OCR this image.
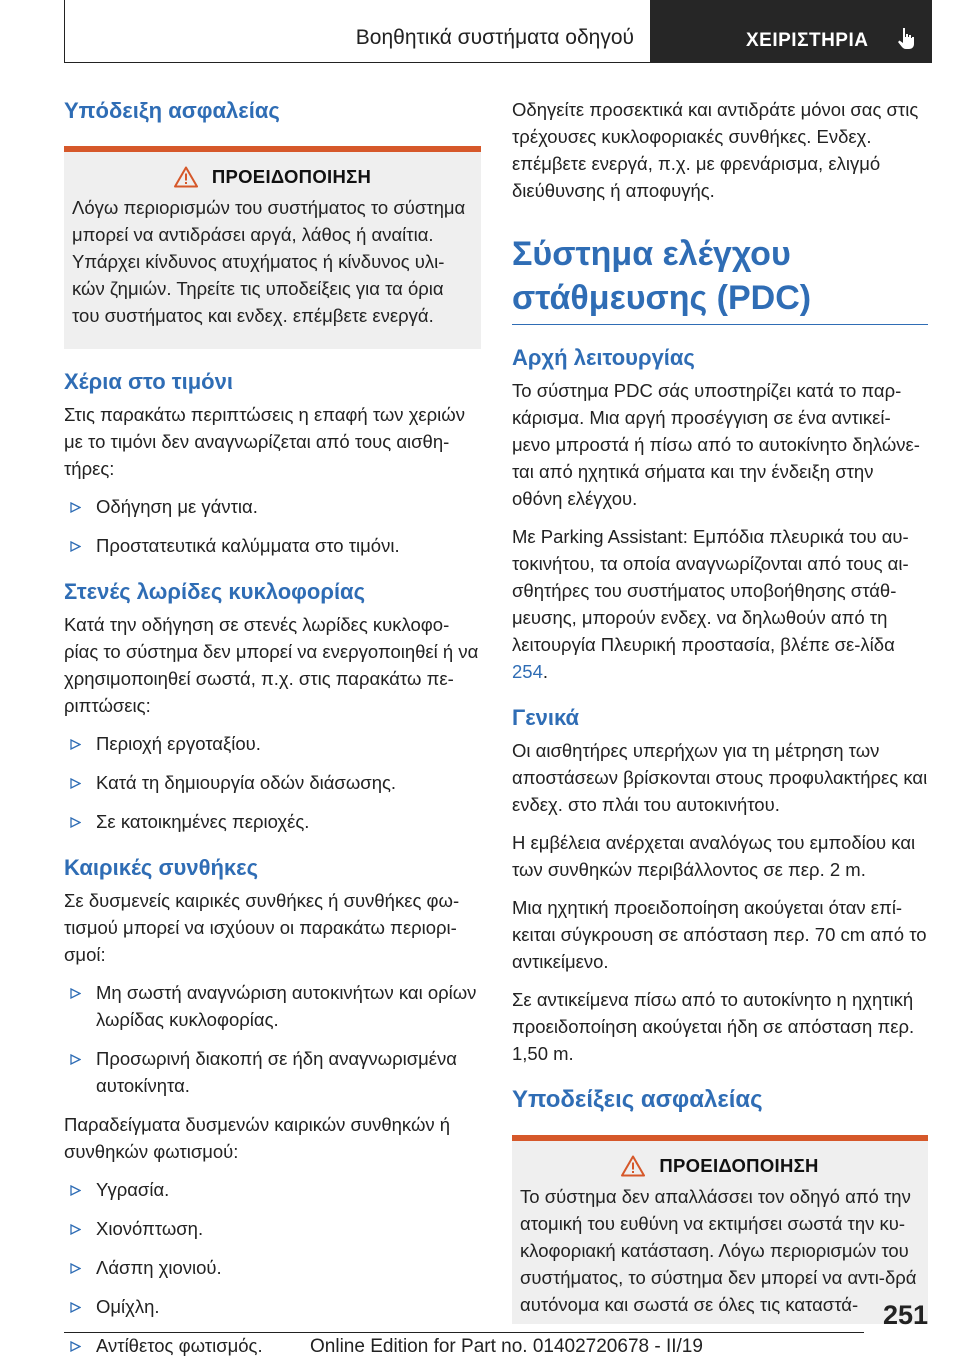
Βοηθητικά συστήματα οδηγού	ΧΕΙΡΙΣΤΗΡΙΑ
Υπόδειξη ασφαλείας
ΠΡΟΕΙΔΟΠΟΙΗΣΗ

Λόγω περιορισμών του συστήματος το σύστημα μπορεί να αντιδράσει αργά, λάθος ή αναίτια. Υπάρχει κίνδυνος ατυχήματος ή κίνδυνος υλι-κών ζημιών. Τηρείτε τις υποδείξεις για τα όρια του συστήματος και ενδεχ. επέμβετε ενεργά.

Χέρια στο τιμόνι

Στις παρακάτω περιπτώσεις η επαφή των χεριών με το τιμόνι δεν αναγνωρίζεται από τους αισθη-τήρες:

Οδήγηση με γάντια.
Προστατευτικά καλύμματα στο τιμόνι.
Στενές λωρίδες κυκλοφορίας

Κατά την οδήγηση σε στενές λωρίδες κυκλοφο-ρίας το σύστημα δεν μπορεί να ενεργοποιηθεί ή να χρησιμοποιηθεί σωστά, π.χ. στις παρακάτω πε-ριπτώσεις:

Περιοχή εργοταξίου.
Κατά τη δημιουργία οδών διάσωσης.
Σε κατοικημένες περιοχές.
Καιρικές συνθήκες

Σε δυσμενείς καιρικές συνθήκες ή συνθήκες φω-τισμού μπορεί να ισχύουν οι παρακάτω περιορι-σμοί:

Μη σωστή αναγνώριση αυτοκινήτων και ορίων λωρίδας κυκλοφορίας.
Προσωρινή διακοπή σε ήδη αναγνωρισμένα αυτοκίνητα.

Παραδείγματα δυσμενών καιρικών συνθηκών ή συνθηκών φωτισμού:

Υγρασία.
Χιονόπτωση.
Λάσπη χιονιού.
Ομίχλη.
Αντίθετος φωτισμός.

Οδηγείτε προσεκτικά και αντιδράτε μόνοι σας στις τρέχουσες κυκλοφοριακές συνθήκες. Ενδεχ. επέμβετε ενεργά, π.χ. με φρενάρισμα, ελιγμό διεύθυνσης ή αποφυγής.

Σύστημα ελέγχου στάθμευσης (PDC)
Αρχή λειτουργίας

Το σύστημα PDC σάς υποστηρίζει κατά το παρ-κάρισμα. Μια αργή προσέγγιση σε ένα αντικεί-μενο μπροστά ή πίσω από το αυτοκίνητο δηλώνε-ται από ηχητικά σήματα και την ένδειξη στην οθόνη ελέγχου.

Με Parking Assistant: Εμπόδια πλευρικά του αυ-τοκινήτου, τα οποία αναγνωρίζονται από τους αι-σθητήρες του συστήματος υποβοήθησης στάθ-μευσης, μπορούν ενδεχ. να δηλωθούν από τη λειτουργία Πλευρική προστασία, βλέπε σε-λίδα 254.

Γενικά

Οι αισθητήρες υπερήχων για τη μέτρηση των αποστάσεων βρίσκονται στους προφυλακτήρες και ενδεχ. στο πλάι του αυτοκινήτου.

Η εμβέλεια ανέρχεται αναλόγως του εμποδίου και των συνθηκών περιβάλλοντος σε περ. 2 m.

Μια ηχητική προειδοποίηση ακούγεται όταν επί-κειται σύγκρουση σε απόσταση περ. 70 cm από το αντικείμενο.

Σε αντικείμενα πίσω από το αυτοκίνητο η ηχητική προειδοποίηση ακούγεται ήδη σε απόσταση περ. 1,50 m.

Υποδείξεις ασφαλείας
ΠΡΟΕΙΔΟΠΟΙΗΣΗ

Το σύστημα δεν απαλλάσσει τον οδηγό από την ατομική του ευθύνη να εκτιμήσει σωστά την κυ-κλοφοριακή κατάσταση. Λόγω περιορισμών του συστήματος, το σύστημα δεν μπορεί να αντι-δρά αυτόνομα και σωστά σε όλες τις καταστά- 251
Online Edition for Part no. 01402720678 - II/19
